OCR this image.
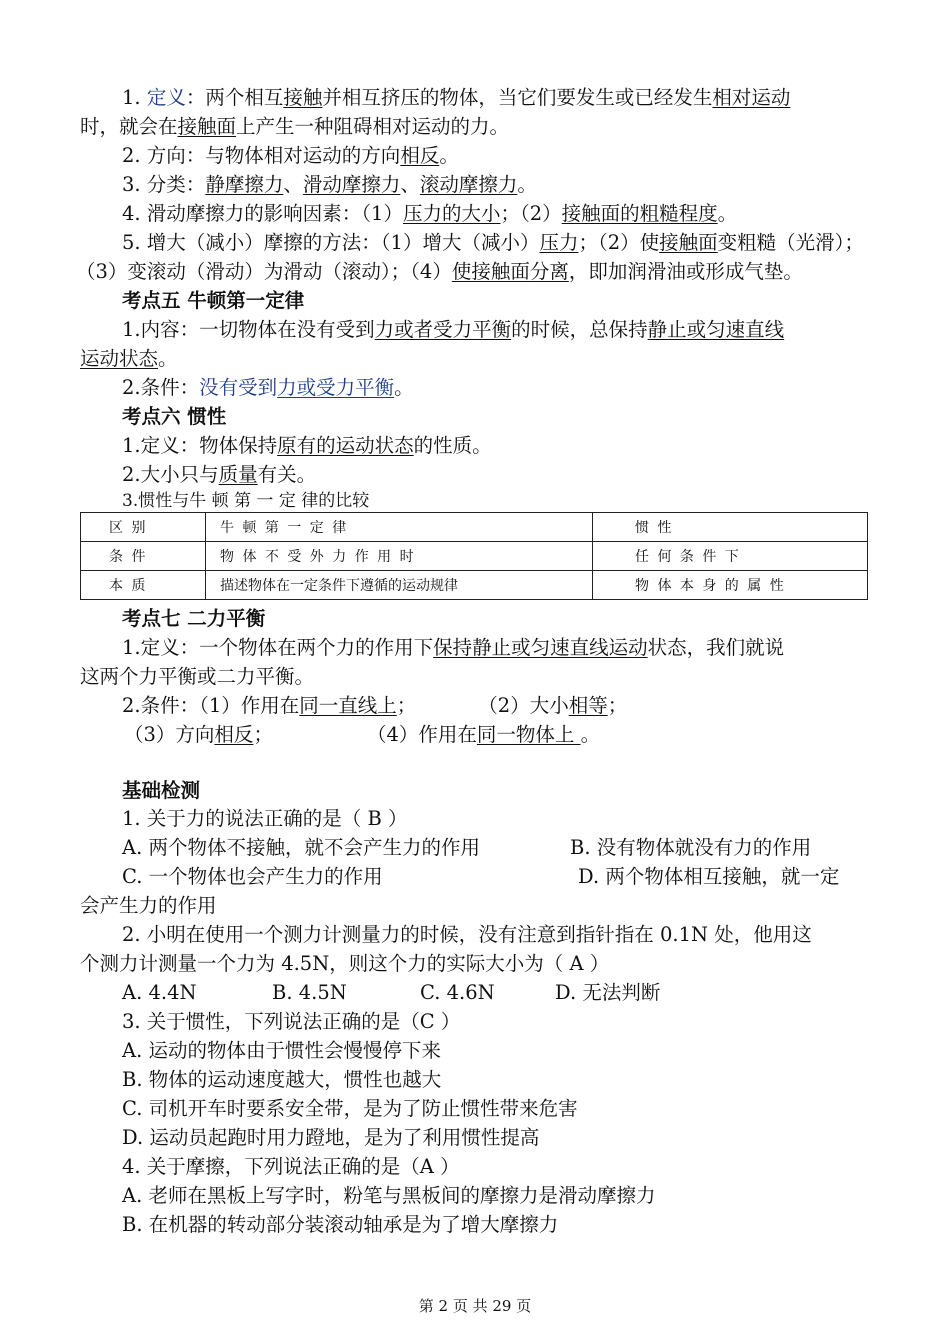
1. 定义：两个相互接触并相互挤压的物体，当它们要发生或已经发生相对运动
时，就会在接触面上产生一种阻碍相对运动的力。
2. 方向：与物体相对运动的方向相反。
3. 分类：静摩擦力、滑动摩擦力、滚动摩擦力。
4. 滑动摩擦力的影响因素：（1）压力的大小；（2）接触面的粗糙程度。
5. 增大（减小）摩擦的方法：（1）增大（减小）压力；（2）使接触面变粗糙（光滑）；
（3）变滚动（滑动）为滑动（滚动）；（4）使接触面分离，即加润滑油或形成气垫。
考点五 牛顿第一定律
1.内容：一切物体在没有受到力或者受力平衡的时候，总保持静止或匀速直线
运动状态。
2.条件：没有受到力或受力平衡。
考点六 惯性
1.定义：物体保持原有的运动状态的性质。
2.大小只与质量有关。
3.惯性与牛 顿 第 一 定 律的比较
区 别	牛 顿 第 一 定 律	惯 性
条 件	物 体 不 受 外 力 作 用 时	任 何 条 件 下
本 质	描述物体在一定条件下遵循的运动规律	物 体 本 身 的 属 性
考点七 二力平衡
1.定义：一个物体在两个力的作用下保持静止或匀速直线运动状态，我们就说
这两个力平衡或二力平衡。
2.条件：（1）作用在同一直线上；	（2）大小相等；
（3）方向相反；	（4）作用在同一物体上 。
基础检测
1. 关于力的说法正确的是（ B ）
A. 两个物体不接触，就不会产生力的作用	B. 没有物体就没有力的作用
C. 一个物体也会产生力的作用	D. 两个物体相互接触，就一定
会产生力的作用
2. 小明在使用一个测力计测量力的时候，没有注意到指针指在 0.1N 处，他用这
个测力计测量一个力为 4.5N，则这个力的实际大小为（ A ）
A. 4.4N	B. 4.5N	C. 4.6N	D. 无法判断
3. 关于惯性，下列说法正确的是（C ）
A. 运动的物体由于惯性会慢慢停下来
B. 物体的运动速度越大，惯性也越大
C. 司机开车时要系安全带，是为了防止惯性带来危害
D. 运动员起跑时用力蹬地，是为了利用惯性提高
4. 关于摩擦，下列说法正确的是（A ）
A. 老师在黑板上写字时，粉笔与黑板间的摩擦力是滑动摩擦力
B. 在机器的转动部分装滚动轴承是为了增大摩擦力
第 2 页 共 29 页
